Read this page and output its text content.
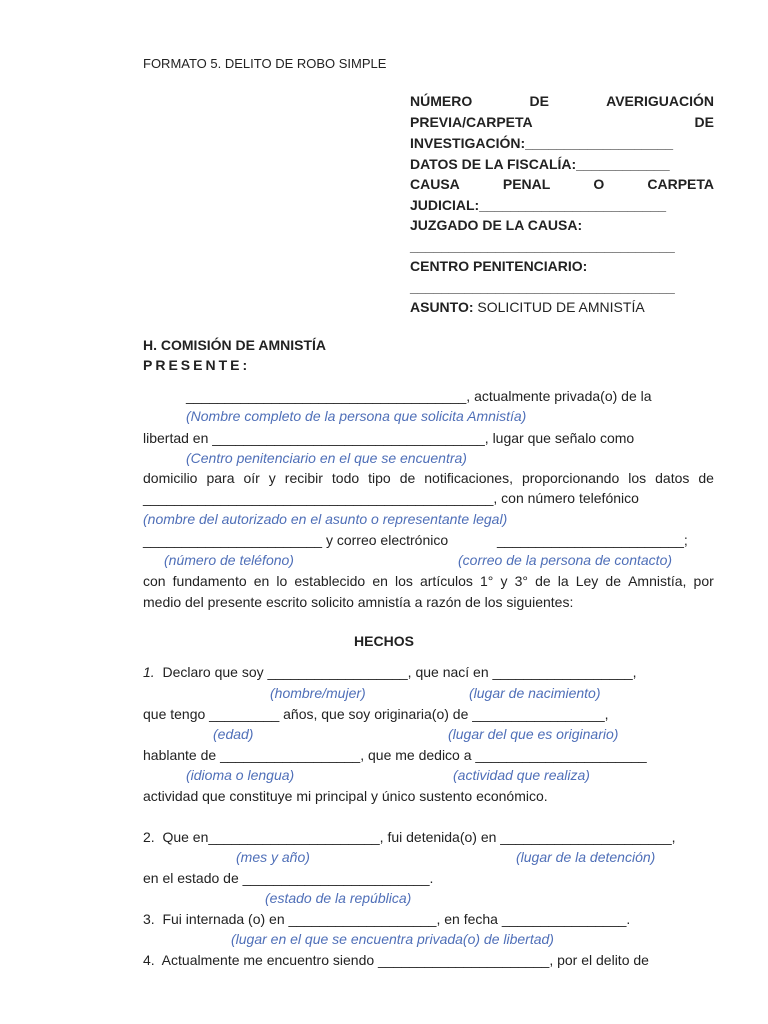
FORMATO 5. DELITO DE ROBO SIMPLE
NÚMERO	DE	AVERIGUACIÓN
PREVIA/CARPETA	DE
INVESTIGACIÓN:___________________
DATOS DE LA FISCALÍA:____________
CAUSA	PENAL	O	CARPETA
JUDICIAL:________________________
JUZGADO DE LA CAUSA:
__________________________________
CENTRO PENITENCIARIO:
__________________________________
ASUNTO: SOLICITUD DE AMNISTÍA
H. COMISIÓN DE AMNISTÍA
PRESENTE:
____________________________________, actualmente privada(o) de la
(Nombre completo de la persona que solicita Amnistía)
libertad en ___________________________________, lugar que señalo como
(Centro penitenciario en el que se encuentra)
domicilio para oír y recibir todo tipo de notificaciones, proporcionando los datos de
_____________________________________________, con número telefónico
(nombre del autorizado en el asunto o representante legal)
_______________________ y correo electrónico	________________________;
(número de teléfono)	(correo de la persona de contacto)
con fundamento en lo establecido en los artículos 1° y 3° de la Ley de Amnistía, por
medio del presente escrito solicito amnistía a razón de los siguientes:
HECHOS
1.  Declaro que soy __________________, que nací en __________________,
(hombre/mujer)	(lugar de nacimiento)
que tengo _________ años, que soy originaria(o) de _________________,
(edad)	(lugar del que es originario)
hablante de __________________, que me dedico a ______________________
(idioma o lengua)	(actividad que realiza)
actividad que constituye mi principal y único sustento económico.
2.  Que en______________________, fui detenida(o) en ______________________,
(mes y año)	(lugar de la detención)
en el estado de ________________________.
(estado de la república)
3.  Fui internada (o) en ___________________, en fecha ________________.
(lugar en el que se encuentra privada(o) de libertad)
4.  Actualmente me encuentro siendo ______________________, por el delito de
